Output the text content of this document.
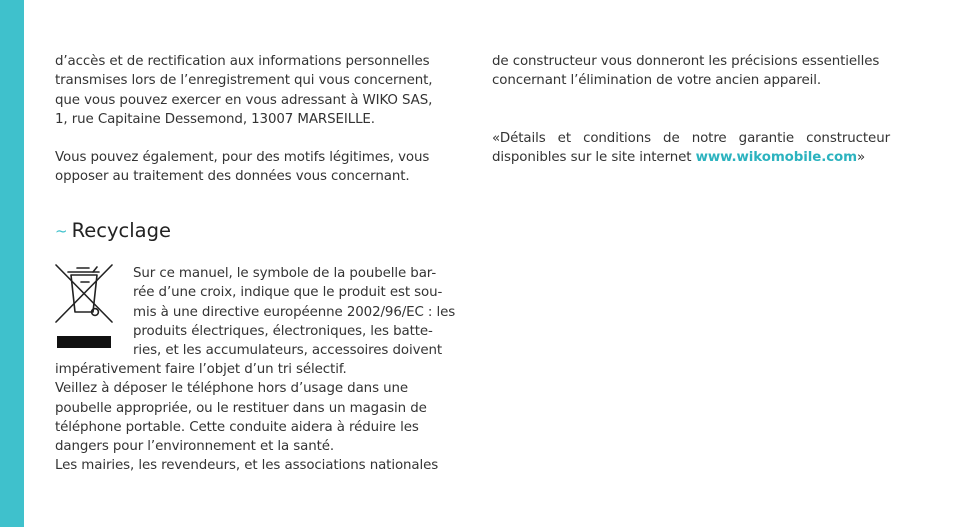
d’accès et de rectification aux informations personnelles
transmises lors de l’enregistrement qui vous concernent,
que vous pouvez exercer en vous adressant à WIKO SAS,
1, rue Capitaine Dessemond, 13007 MARSEILLE.
Vous pouvez également, pour des motifs légitimes, vous
opposer au traitement des données vous concernant.
~ Recyclage
Sur ce manuel, le symbole de la poubelle bar-
rée d’une croix, indique que le produit est sou-
mis à une directive européenne 2002/96/EC : les
produits électriques, électroniques, les batte-
ries, et les accumulateurs, accessoires doivent
impérativement faire l’objet d’un tri sélectif.
Veillez à déposer le téléphone hors d’usage dans une
poubelle appropriée, ou le restituer dans un magasin de
téléphone portable. Cette conduite aidera à réduire les
dangers pour l’environnement et la santé.
Les mairies, les revendeurs, et les associations nationales
de constructeur vous donneront les précisions essentielles
concernant l’élimination de votre ancien appareil.
«Détails et conditions de notre garantie constructeur
disponibles sur le site internet www.wikomobile.com»
